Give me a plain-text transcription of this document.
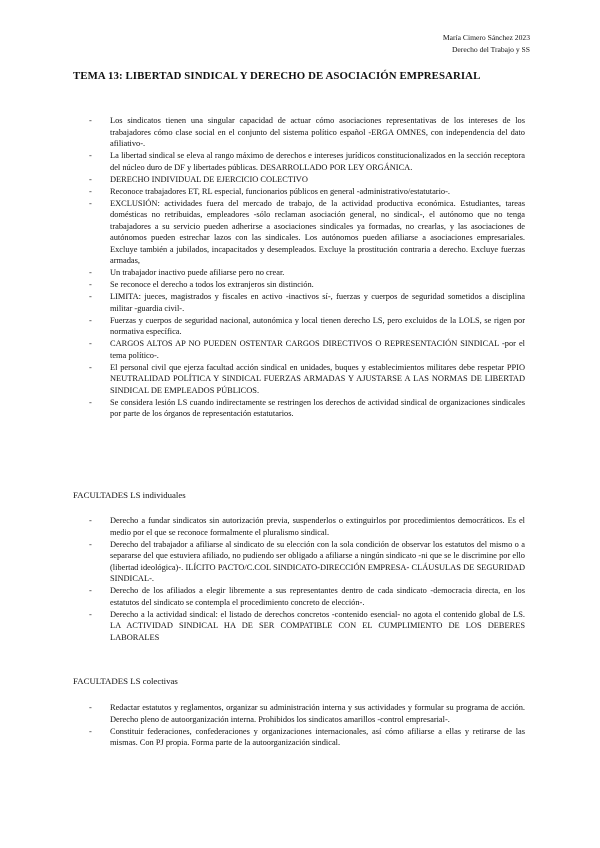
María Cimero Sánchez 2023
Derecho del Trabajo y SS
TEMA 13: LIBERTAD SINDICAL Y DERECHO DE ASOCIACIÓN EMPRESARIAL
- Los sindicatos tienen una singular capacidad de actuar cómo asociaciones representativas de los intereses de los trabajadores cómo clase social en el conjunto del sistema político español -ERGA OMNES, con independencia del dato afiliativo-.
- La libertad sindical se eleva al rango máximo de derechos e intereses jurídicos constitucionalizados en la sección receptora del núcleo duro de DF y libertades públicas. DESARROLLADO POR LEY ORGÁNICA.
- DERECHO INDIVIDUAL DE EJERCICIO COLECTIVO
- Reconoce trabajadores ET, RL especial, funcionarios públicos en general -administrativo/estatutario-.
- EXCLUSIÓN: actividades fuera del mercado de trabajo, de la actividad productiva económica. Estudiantes, tareas domésticas no retribuidas, empleadores -sólo reclaman asociación general, no sindical-, el autónomo que no tenga trabajadores a su servicio pueden adherirse a asociaciones sindicales ya formadas, no crearlas, y las asociaciones de autónomos pueden estrechar lazos con las sindicales. Los autónomos pueden afiliarse a asociaciones empresariales. Excluye también a jubilados, incapacitados y desempleados. Excluye la prostitución contraria a derecho. Excluye fuerzas armadas,
- Un trabajador inactivo puede afiliarse pero no crear.
- Se reconoce el derecho a todos los extranjeros sin distinción.
- LIMITA: jueces, magistrados y fiscales en activo -inactivos sí-, fuerzas y cuerpos de seguridad sometidos a disciplina militar -guardia civil-.
- Fuerzas y cuerpos de seguridad nacional, autonómica y local tienen derecho LS, pero excluidos de la LOLS, se rigen por normativa específica.
- CARGOS ALTOS AP NO PUEDEN OSTENTAR CARGOS DIRECTIVOS O REPRESENTACIÓN SINDICAL -por el tema político-.
- El personal civil que ejerza facultad acción sindical en unidades, buques y establecimientos militares debe respetar PPIO NEUTRALIDAD POLÍTICA Y SINDICAL FUERZAS ARMADAS Y AJUSTARSE A LAS NORMAS DE LIBERTAD SINDICAL DE EMPLEADOS PÚBLICOS.
- Se considera lesión LS cuando indirectamente se restringen los derechos de actividad sindical de organizaciones sindicales por parte de los órganos de representación estatutarios.
FACULTADES LS individuales
- Derecho a fundar sindicatos sin autorización previa, suspenderlos o extinguirlos por procedimientos democráticos. Es el medio por el que se reconoce formalmente el pluralismo sindical.
- Derecho del trabajador a afiliarse al sindicato de su elección con la sola condición de observar los estatutos del mismo o a separarse del que estuviera afiliado, no pudiendo ser obligado a afiliarse a ningún sindicato -ni que se le discrimine por ello (libertad ideológica)-. ILÍCITO PACTO/C.COL SINDICATO-DIRECCIÓN EMPRESA- CLÁUSULAS DE SEGURIDAD SINDICAL-.
- Derecho de los afiliados a elegir libremente a sus representantes dentro de cada sindicato -democracia directa, en los estatutos del sindicato se contempla el procedimiento concreto de elección-.
- Derecho a la actividad sindical: el listado de derechos concretos -contenido esencial- no agota el contenido global de LS. LA ACTIVIDAD SINDICAL HA DE SER COMPATIBLE CON EL CUMPLIMIENTO DE LOS DEBERES LABORALES
FACULTADES LS colectivas
- Redactar estatutos y reglamentos, organizar su administración interna y sus actividades y formular su programa de acción. Derecho pleno de autoorganización interna. Prohibidos los sindicatos amarillos -control empresarial-.
- Constituir federaciones, confederaciones y organizaciones internacionales, así cómo afiliarse a ellas y retirarse de las mismas. Con PJ propia. Forma parte de la autoorganización sindical.
